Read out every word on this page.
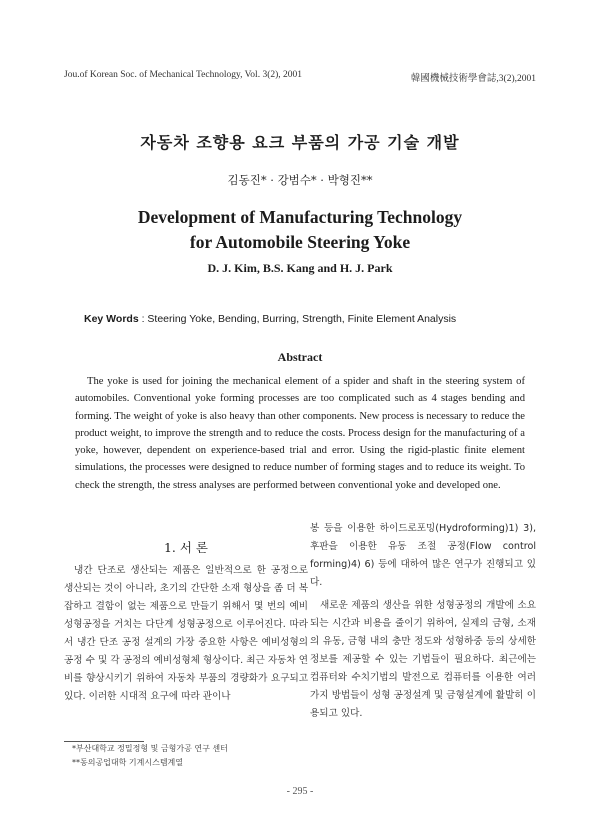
Jou.of Korean Soc. of Mechanical Technology, Vol. 3(2), 2001	韓國機械技術學會誌,3(2),2001
자동차 조향용 요크 부품의 가공 기술 개발
김동진* · 강범수* · 박형진**
Development of Manufacturing Technology
for Automobile Steering Yoke
D. J. Kim, B.S. Kang and H. J. Park
Key Words : Steering Yoke, Bending, Burring, Strength, Finite Element Analysis
Abstract
The yoke is used for joining the mechanical element of a spider and shaft in the steering system of automobiles. Conventional yoke forming processes are too complicated such as 4 stages bending and forming. The weight of yoke is also heavy than other components. New process is necessary to reduce the product weight, to improve the strength and to reduce the costs. Process design for the manufacturing of a yoke, however, dependent on experience-based trial and error. Using the rigid-plastic finite element simulations, the processes were designed to reduce number of forming stages and to reduce its weight. To check the strength, the stress analyses are performed between conventional yoke and developed one.
1. 서 론
냉간 단조로 생산되는 제품은 일반적으로 한 공정으로 생산되는 것이 아니라, 초기의 간단한 소재 형상을 좀 더 복잡하고 결함이 없는 제품으로 만들기 위해서 몇 번의 예비성형공정을 거치는 다단계 성형공정으로 이루어진다. 따라서 냉간 단조 공정 설계의 가장 중요한 사항은 예비성형의 공정 수 및 각 공정의 예비성형체 형상이다. 최근 자동차 연비를 향상시키기 위하여 자동차 부품의 경량화가 요구되고 있다. 이러한 시대적 요구에 따라 관이나
봉 등을 이용한 하이드로포밍(Hydroforming)1) 3), 후판을 이용한 유동 조절 공정(Flow control forming)4) 6) 등에 대하여 많은 연구가 진행되고 있다.
새로운 제품의 생산을 위한 성형공정의 개발에 소요되는 시간과 비용을 줄이기 위하여, 실제의 금형, 소재의 유동, 금형 내의 충만 정도와 성형하중 등의 상세한 정보를 제공할 수 있는 기법들이 필요하다. 최근에는 컴퓨터와 수치기법의 발전으로 컴퓨터를 이용한 여러 가지 방법들이 성형 공정설계 및 금형설계에 활발히 이용되고 있다.
*부산대학교 정밀정형 및 금형가공 연구 센터
**동의공업대학 기계시스템계열
- 295 -
